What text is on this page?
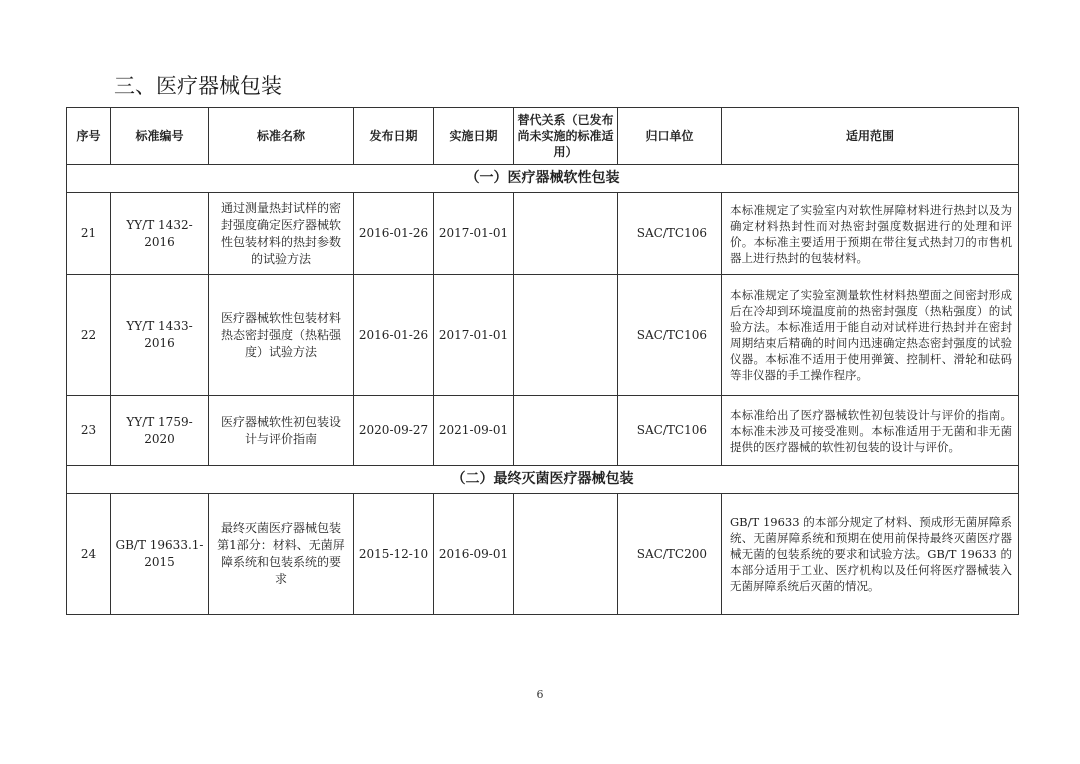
三、医疗器械包装
序号	标准编号	标准名称	发布日期	实施日期	替代关系（已发布尚未实施的标准适用）	归口单位	适用范围
（一）医疗器械软性包装							
21	YY/T 1432-2016	通过测量热封试样的密封强度确定医疗器械软性包装材料的热封参数的试验方法	2016-01-26	2017-01-01		SAC/TC106	本标准规定了实验室内对软性屏障材料进行热封以及为确定材料热封性而对热密封强度数据进行的处理和评价。本标准主要适用于预期在带往复式热封刀的市售机器上进行热封的包装材料。
22	YY/T 1433-2016	医疗器械软性包装材料热态密封强度（热粘强度）试验方法	2016-01-26	2017-01-01		SAC/TC106	本标准规定了实验室测量软性材料热塑面之间密封形成后在冷却到环境温度前的热密封强度（热粘强度）的试验方法。本标准适用于能自动对试样进行热封并在密封周期结束后精确的时间内迅速确定热态密封强度的试验仪器。本标准不适用于使用弹簧、控制杆、滑轮和砝码等非仪器的手工操作程序。
23	YY/T 1759-2020	医疗器械软性初包装设计与评价指南	2020-09-27	2021-09-01		SAC/TC106	本标准给出了医疗器械软性初包装设计与评价的指南。本标准未涉及可接受准则。本标准适用于无菌和非无菌提供的医疗器械的软性初包装的设计与评价。
（二）最终灭菌医疗器械包装							
24	GB/T 19633.1-2015	最终灭菌医疗器械包装 第1部分：材料、无菌屏障系统和包装系统的要求	2015-12-10	2016-09-01		SAC/TC200	GB/T 19633 的本部分规定了材料、预成形无菌屏障系统、无菌屏障系统和预期在使用前保持最终灭菌医疗器械无菌的包装系统的要求和试验方法。GB/T 19633 的本部分适用于工业、医疗机构以及任何将医疗器械装入无菌屏障系统后灭菌的情况。
6
